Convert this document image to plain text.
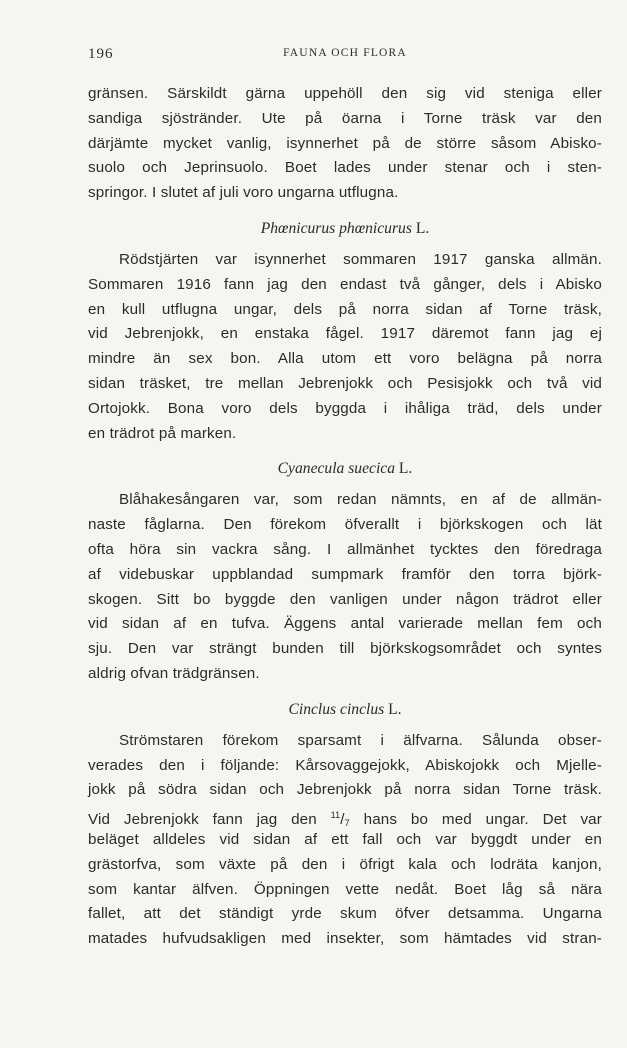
196	FAUNA OCH FLORA
gränsen. Särskildt gärna uppehöll den sig vid steniga eller
sandiga sjöstränder. Ute på öarna i Torne träsk var den
därjämte mycket vanlig, isynnerhet på de större såsom Abisko-
suolo och Jeprinsuolo. Boet lades under stenar och i sten-
springor. I slutet af juli voro ungarna utflugna.
Phœnicurus phœnicurus L.
Rödstjärten var isynnerhet sommaren 1917 ganska allmän.
Sommaren 1916 fann jag den endast två gånger, dels i Abisko
en kull utflugna ungar, dels på norra sidan af Torne träsk,
vid Jebrenjokk, en enstaka fågel. 1917 däremot fann jag ej
mindre än sex bon. Alla utom ett voro belägna på norra
sidan träsket, tre mellan Jebrenjokk och Pesisjokk och två vid
Ortojokk. Bona voro dels byggda i ihåliga träd, dels under
en trädrot på marken.
Cyanecula suecica L.
Blåhakesångaren var, som redan nämnts, en af de allmän-
naste fåglarna. Den förekom öfverallt i björkskogen och lät
ofta höra sin vackra sång. I allmänhet tycktes den föredraga
af videbuskar uppblandad sumpmark framför den torra björk-
skogen. Sitt bo byggde den vanligen under någon trädrot eller
vid sidan af en tufva. Äggens antal varierade mellan fem och
sju. Den var strängt bunden till björkskogsområdet och syntes
aldrig ofvan trädgränsen.
Cinclus cinclus L.
Strömstaren förekom sparsamt i älfvarna. Sålunda obser-
verades den i följande: Kårsovaggejokk, Abiskojokk och Mjelle-
jokk på södra sidan och Jebrenjokk på norra sidan Torne träsk.
Vid Jebrenjokk fann jag den $^{11}/_7$ hans bo med ungar. Det var
beläget alldeles vid sidan af ett fall och var byggdt under en
grästorfva, som växte på den i öfrigt kala och lodräta kanjon,
som kantar älfven. Öppningen vette nedåt. Boet låg så nära
fallet, att det ständigt yrde skum öfver detsamma. Ungarna
matades hufvudsakligen med insekter, som hämtades vid stran-
